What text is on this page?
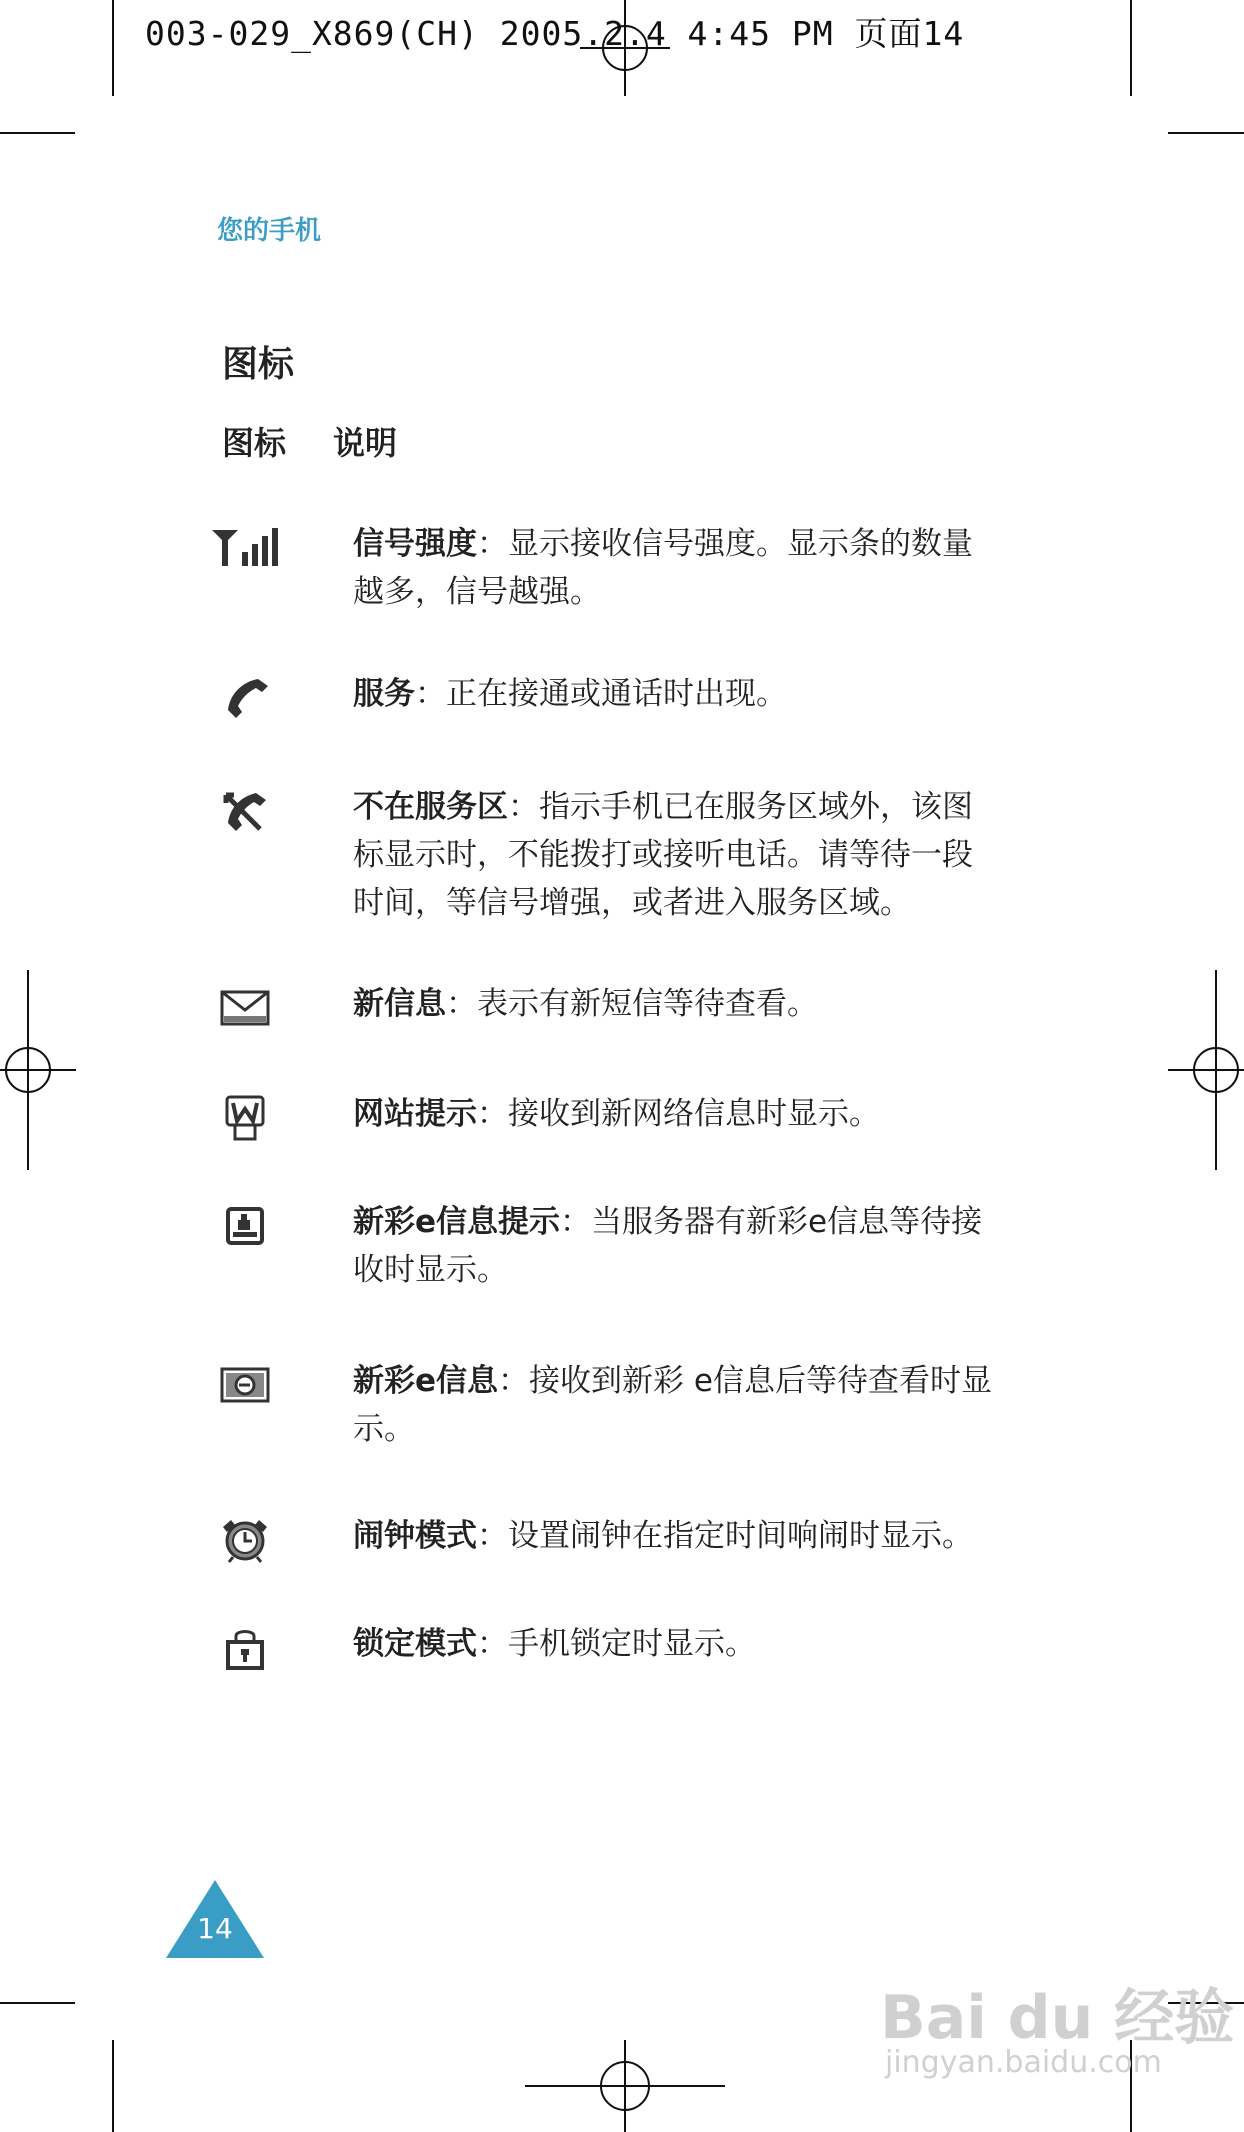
003-029_X869(CH) 2005.2.4 4:45 PM 页面14
您的手机
图标
图标 说明
信号强度：显示接收信号强度。显示条的数量越多，信号越强。
服务：正在接通或通话时出现。
不在服务区：指示手机已在服务区域外，该图标显示时，不能拨打或接听电话。请等待一段时间，等信号增强，或者进入服务区域。
新信息：表示有新短信等待查看。
网站提示：接收到新网络信息时显示。
新彩e信息提示：当服务器有新彩e信息等待接收时显示。
新彩e信息：接收到新彩 e信息后等待查看时显示。
闹钟模式：设置闹钟在指定时间响闹时显示。
锁定模式：手机锁定时显示。
14
Bai du 经验
jingyan.baidu.com
